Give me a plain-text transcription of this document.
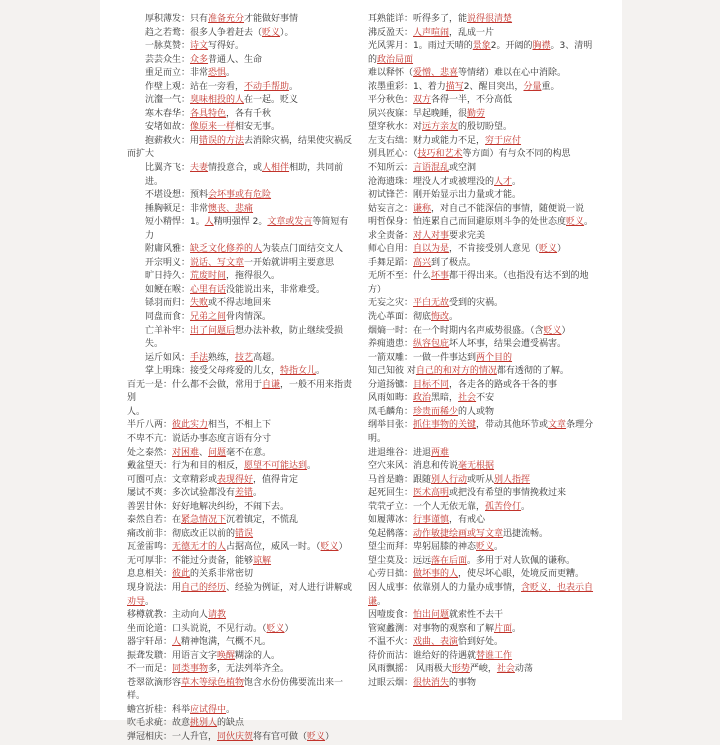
厚积薄发：只有准备充分才能做好事情
趋之若鹜：很多人争着赶去（贬义）。
一脉莫赞：诗文写得好。
芸芸众生：众多普通人、生命
重足而立：非常恐惧。
作壁上观：站在一旁看，不动手帮助。
沆瀣一气：臭味相投的人在一起。贬义
寒木春华：各具特色，各有千秋
安堵如故：像原来一样相安无事。
抱薪救火：用错误的方法去消除灾祸，结果使灾祸反
而扩大
比翼齐飞：夫妻情投意合，或人相伴相助，共同前进。
不堪设想：预料会坏事或有危险
捶胸顿足：非常懊丧、悲痛
短小精悍：1。人精明强悍 2。文章或发言等简短有力
附庸风雅：缺乏文化修养的人为装点门面结交文人
开宗明义：说话、写文章一开始就讲明主要意思
旷日持久：荒废时间，拖得很久。
如鲠在喉：心里有话没能说出来，非常难受。
铩羽而归：失败或不得志地回来
同盘而食：兄弟之间骨肉情深。
亡羊补牢：出了问题后想办法补救，防止继续受损失。
运斤如风：手法熟练，技艺高超。
掌上明珠：接受父母疼爱的儿女，特指女儿。
百无一是：什么都不会做，常用于自谦，一般不用来指责别
人。
半斤八两：彼此实力相当，不相上下
不卑不亢：说话办事态度言语有分寸
处之泰然：对困难、问题毫不在意。
戴盆望天：行为和目的相反，愿望不可能达到。
可圈可点：文章精彩或表现得好，值得肯定
屡试不爽：多次试验都没有差错。
善罢甘休：好好地解决纠纷，不闹下去。
泰然自若：在紧急情况下沉着镇定，不慌乱
痛改前非：彻底改正以前的错误
瓦釜雷鸣：无德无才的人占据高位，威风一时。（贬义）
无可厚非：不能过分责备，能够谅解
息息相关：彼此的关系非常密切
现身说法：用自己的经历、经验为例证，对人进行讲解或
劝导。
移樽就教：主动向人请教
坐而论道：口头说说，不见行动。（贬义）
器宇轩昂：人精神饱满，气概不凡。
振聋发聩：用语言文字唤醒糊涂的人。
不一而足：同类事物多，无法列举齐全。
苍翠欲滴形容草木等绿色植物饱含水份仿佛要流出来一
样。
蟾宫折桂：科举应试得中。
吹毛求疵：故意挑别人的缺点
弹冠相庆：一人升官，同伙庆贺将有官可做（贬义）
耳熟能详：听得多了，能说得很清楚
沸反盈天：人声喧闹，乱成一片
光风霁月：1。雨过天晴的景象2。开阔的胸襟。3、清明
的政治局面
难以释怀（爱憎、悲喜等情绪）难以在心中消除。
浓墨重彩：1、着力描写2、醒目突出，分量重。
平分秋色：双方各得一半，不分高低
夙兴夜寐：早起晚睡，很勤劳
望穿秋水：对远方亲友的殷切盼望。
左支右绌：财力或能力不足，穷于应付
别具匠心：（技巧和艺术等方面）有与众不同的构思
不知所云：言语混乱或空洞
沧海遗珠：埋没人才或被埋没的人才。
初试锋芒：刚开始显示出力量或才能。
姑妄言之：谦称，对自己不能深信的事情，随便说一说
明哲保身：怕连累自己而回避原则斗争的处世态度贬义。
求全责备：对人对事要求完美
师心自用：自以为是，不肯接受别人意见（贬义）
手舞足蹈：高兴到了极点。
无所不至：什么坏事都干得出来。（也指没有达不到的地
方）
无妄之灾：平白无故受到的灾祸。
洗心革面：彻底悔改。
烟熵一时：在一个时期内名声威势很盛。（含贬义）
养痈遗患：纵容包庇坏人坏事，结果会遭受祸害。
一箭双雕：一做一件事达到两个目的
知己知彼 对自己的和对方的情况都有透彻的了解。
分道扬镳：目标不同，各走各的路或各干各的事
风雨如晦：政治黑暗，社会不安
凤毛麟角：珍贵而稀少的人或物
纲举目张：抓住事物的关键，带动其他环节或文章条理分
明。
进退维谷：进退两难
空穴来风：消息和传说毫无根据
马首是瞻：跟随别人行动或听从别人指挥
起死回生：医术高明或把没有希望的事情挽救过来
茕茕孑立：一个人无依无靠，孤苦伶仃。
如履薄冰：行事谨慎，有戒心
兔起鹘落：动作敏捷绘画或写文章迅捷流畅。
望尘而拜：卑躬屈膝的神态贬义。
望尘莫及：远远落在后面。多用于对人钦佩的谦称。
心劳日拙：做坏事的人，使尽坏心眼，处境反而更糟。
因人成事：依靠别人的力量办成事情，含贬义，也表示自
谦。
因噎废食：怕出问题就索性不去干
管窥蠡测：对事物的观察和了解片面。
不温不火：戏曲、表演恰到好处。
待价而沽：谁给好的待遇就替谁工作
风雨飘摇： 风雨极大形势严峻，社会动荡
过眼云烟：很快消失的事物
